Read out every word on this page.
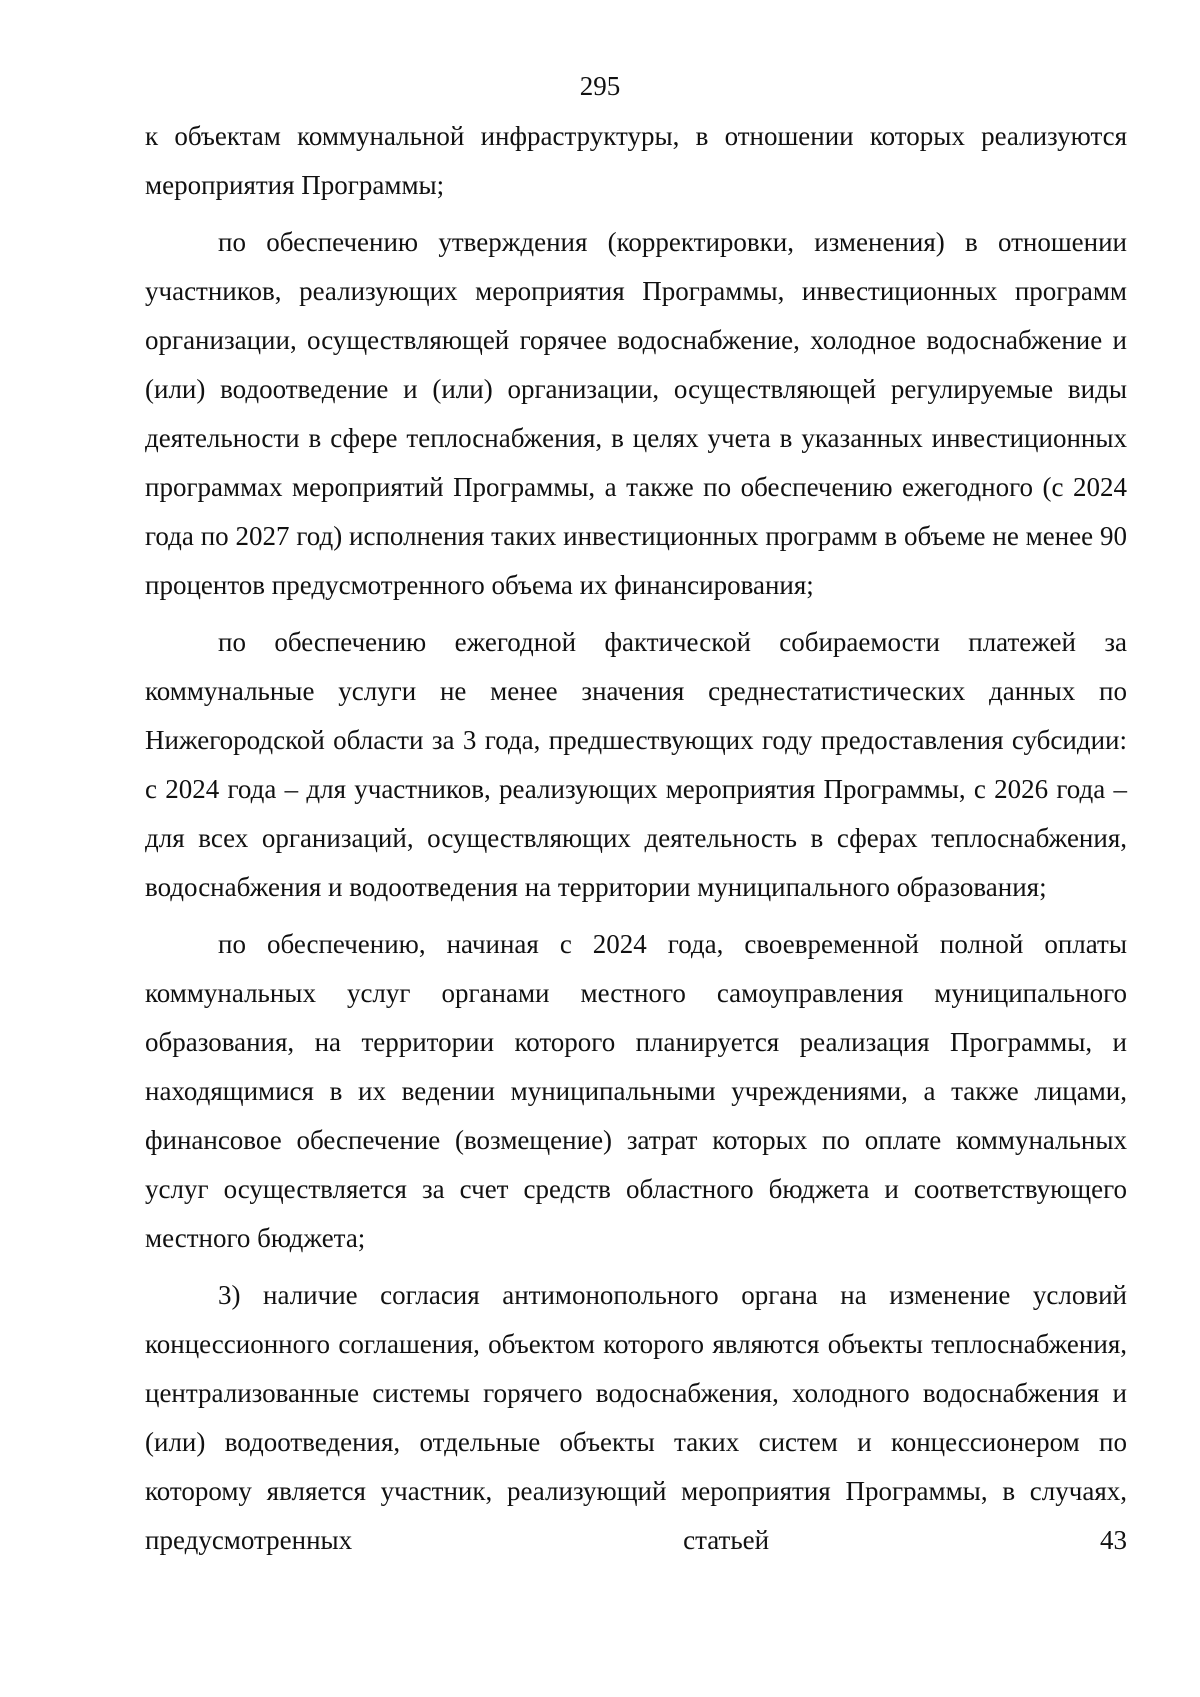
295

к объектам коммунальной инфраструктуры, в отношении которых реализуются мероприятия Программы;

по обеспечению утверждения (корректировки, изменения) в отношении участников, реализующих мероприятия Программы, инвестиционных программ организации, осуществляющей горячее водоснабжение, холодное водоснабжение и (или) водоотведение и (или) организации, осуществляющей регулируемые виды деятельности в сфере теплоснабжения, в целях учета в указанных инвестиционных программах мероприятий Программы, а также по обеспечению ежегодного (с 2024 года по 2027 год) исполнения таких инвестиционных программ в объеме не менее 90 процентов предусмотренного объема их финансирования;

по обеспечению ежегодной фактической собираемости платежей за коммунальные услуги не менее значения среднестатистических данных по Нижегородской области за 3 года, предшествующих году предоставления субсидии: с 2024 года – для участников, реализующих мероприятия Программы, с 2026 года – для всех организаций, осуществляющих деятельность в сферах теплоснабжения, водоснабжения и водоотведения на территории муниципального образования;

по обеспечению, начиная с 2024 года, своевременной полной оплаты коммунальных услуг органами местного самоуправления муниципального образования, на территории которого планируется реализация Программы, и находящимися в их ведении муниципальными учреждениями, а также лицами, финансовое обеспечение (возмещение) затрат которых по оплате коммунальных услуг осуществляется за счет средств областного бюджета и соответствующего местного бюджета;

3) наличие согласия антимонопольного органа на изменение условий концессионного соглашения, объектом которого являются объекты теплоснабжения, централизованные системы горячего водоснабжения, холодного водоснабжения и (или) водоотведения, отдельные объекты таких систем и концессионером по которому является участник, реализующий мероприятия Программы, в случаях, предусмотренных статьей 43
